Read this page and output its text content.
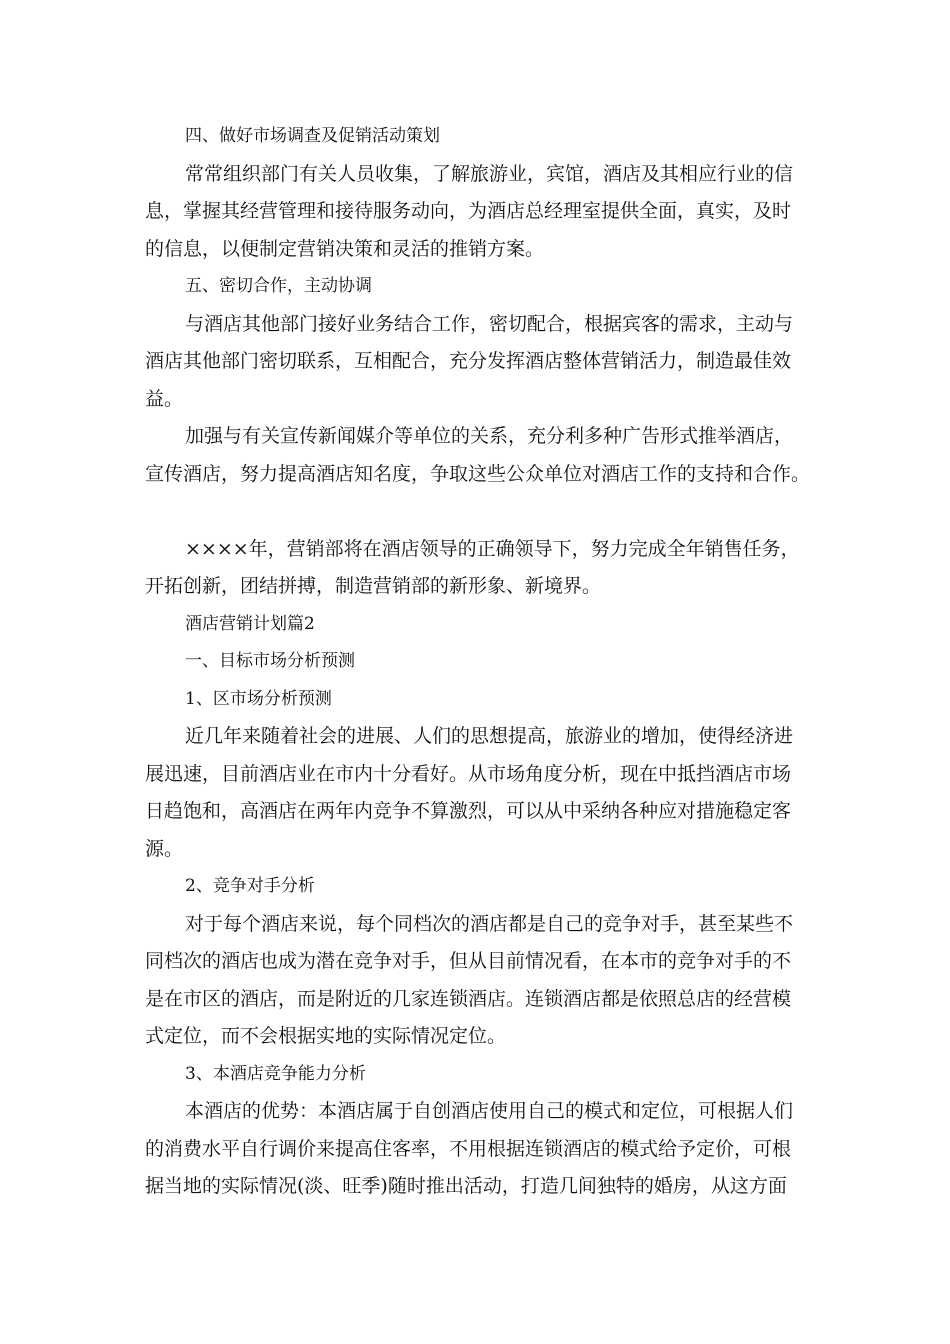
四、做好市场调查及促销活动策划
常常组织部门有关人员收集，了解旅游业，宾馆，酒店及其相应行业的信
息，掌握其经营管理和接待服务动向，为酒店总经理室提供全面，真实，及时
的信息，以便制定营销决策和灵活的推销方案。
五、密切合作，主动协调
与酒店其他部门接好业务结合工作，密切配合，根据宾客的需求，主动与
酒店其他部门密切联系，互相配合，充分发挥酒店整体营销活力，制造最佳效
益。
加强与有关宣传新闻媒介等单位的关系，充分利多种广告形式推举酒店，
宣传酒店，努力提高酒店知名度，争取这些公众单位对酒店工作的支持和合作。
××××年，营销部将在酒店领导的正确领导下，努力完成全年销售任务，
开拓创新，团结拼搏，制造营销部的新形象、新境界。
酒店营销计划篇2
一、目标市场分析预测
1、区市场分析预测
近几年来随着社会的进展、人们的思想提高，旅游业的增加，使得经济进
展迅速，目前酒店业在市内十分看好。从市场角度分析，现在中抵挡酒店市场
日趋饱和，高酒店在两年内竞争不算激烈，可以从中采纳各种应对措施稳定客
源。
2、竞争对手分析
对于每个酒店来说，每个同档次的酒店都是自己的竞争对手，甚至某些不
同档次的酒店也成为潜在竞争对手，但从目前情况看，在本市的竞争对手的不
是在市区的酒店，而是附近的几家连锁酒店。连锁酒店都是依照总店的经营模
式定位，而不会根据实地的实际情况定位。
3、本酒店竞争能力分析
本酒店的优势：本酒店属于自创酒店使用自己的模式和定位，可根据人们
的消费水平自行调价来提高住客率，不用根据连锁酒店的模式给予定价，可根
据当地的实际情况(淡、旺季)随时推出活动，打造几间独特的婚房，从这方面
